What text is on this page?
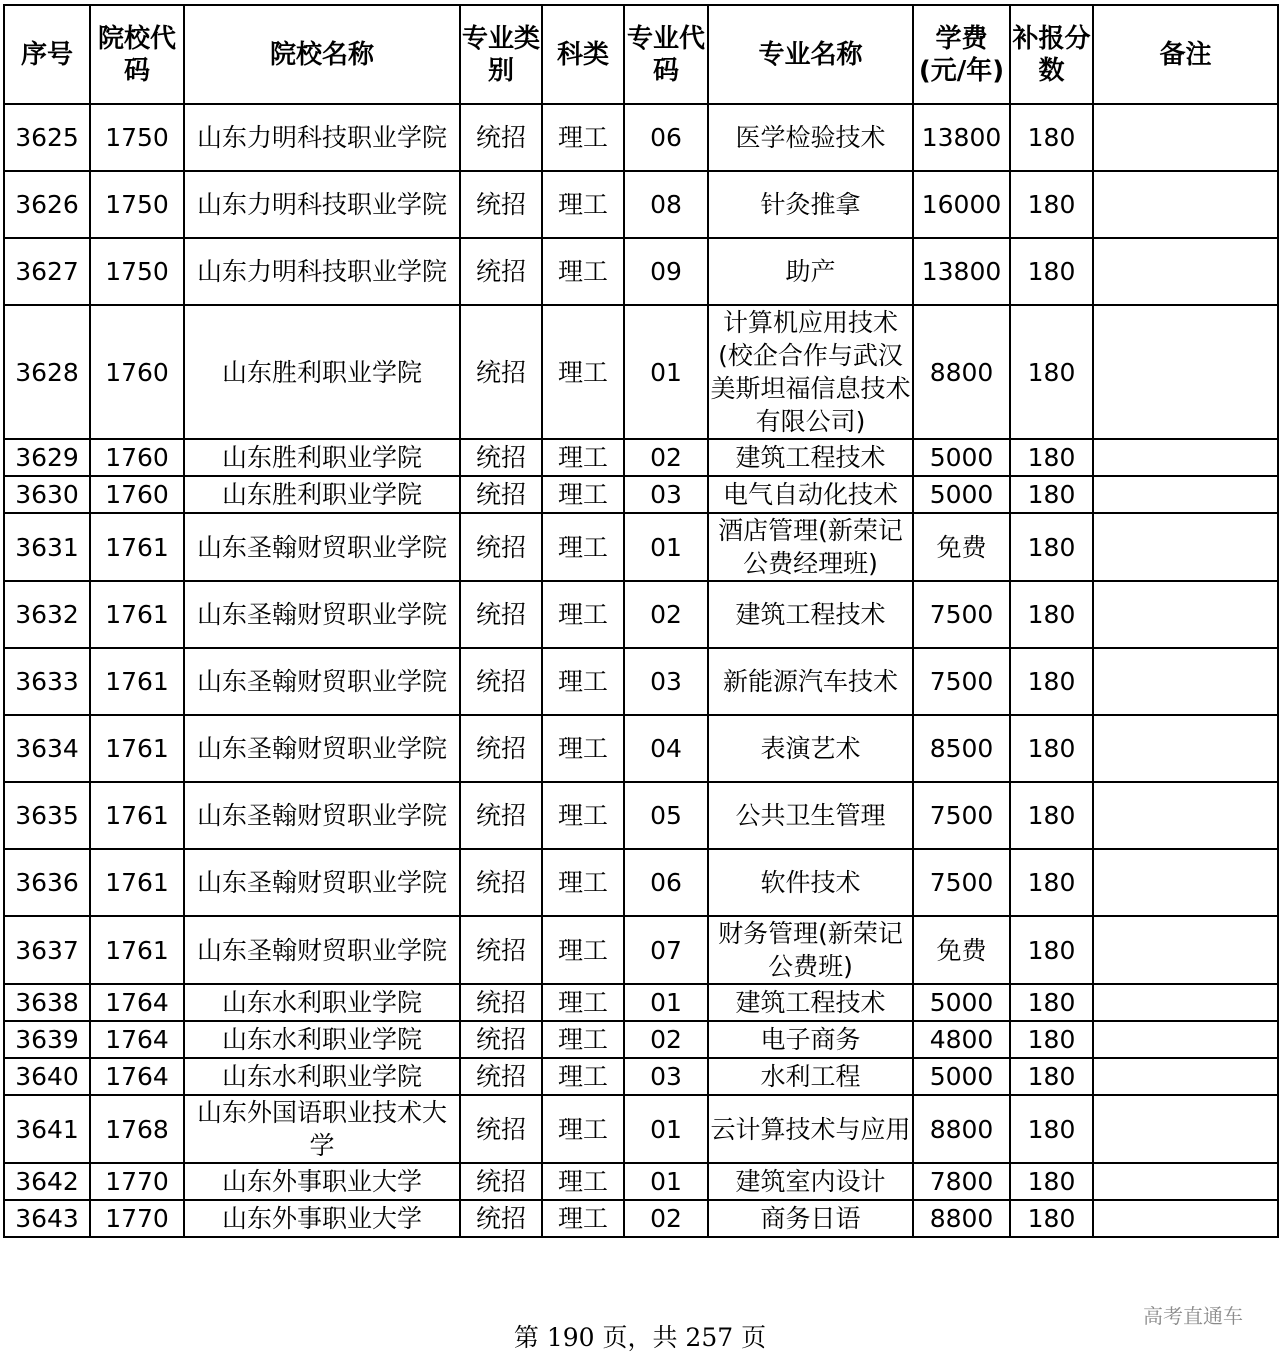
序号	院校代码	院校名称	专业类别	科类	专业代码	专业名称	学费(元/年)	补报分数	备注
3625	1750	山东力明科技职业学院	统招	理工	06	医学检验技术	13800	180	
3626	1750	山东力明科技职业学院	统招	理工	08	针灸推拿	16000	180	
3627	1750	山东力明科技职业学院	统招	理工	09	助产	13800	180	
3628	1760	山东胜利职业学院	统招	理工	01	计算机应用技术(校企合作与武汉美斯坦福信息技术有限公司)	8800	180	
3629	1760	山东胜利职业学院	统招	理工	02	建筑工程技术	5000	180	
3630	1760	山东胜利职业学院	统招	理工	03	电气自动化技术	5000	180	
3631	1761	山东圣翰财贸职业学院	统招	理工	01	酒店管理(新荣记公费经理班)	免费	180	
3632	1761	山东圣翰财贸职业学院	统招	理工	02	建筑工程技术	7500	180	
3633	1761	山东圣翰财贸职业学院	统招	理工	03	新能源汽车技术	7500	180	
3634	1761	山东圣翰财贸职业学院	统招	理工	04	表演艺术	8500	180	
3635	1761	山东圣翰财贸职业学院	统招	理工	05	公共卫生管理	7500	180	
3636	1761	山东圣翰财贸职业学院	统招	理工	06	软件技术	7500	180	
3637	1761	山东圣翰财贸职业学院	统招	理工	07	财务管理(新荣记公费班)	免费	180	
3638	1764	山东水利职业学院	统招	理工	01	建筑工程技术	5000	180	
3639	1764	山东水利职业学院	统招	理工	02	电子商务	4800	180	
3640	1764	山东水利职业学院	统招	理工	03	水利工程	5000	180	
3641	1768	山东外国语职业技术大学	统招	理工	01	云计算技术与应用	8800	180	
3642	1770	山东外事职业大学	统招	理工	01	建筑室内设计	7800	180	
3643	1770	山东外事职业大学	统招	理工	02	商务日语	8800	180	
第 190 页，共 257 页
高考直通车
